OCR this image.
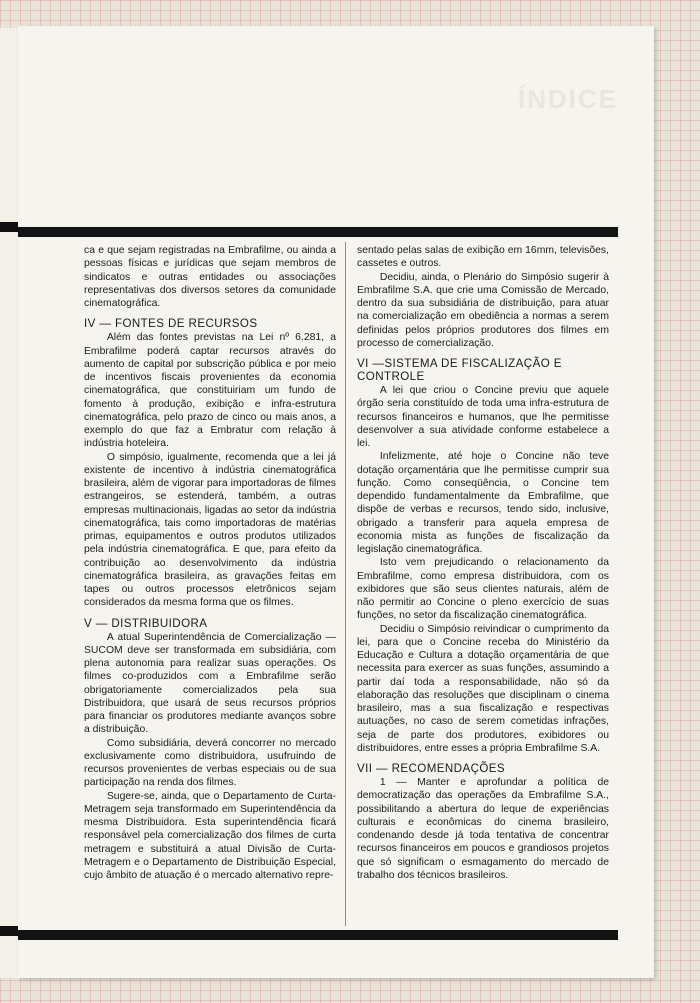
ÍNDICE

ca e que sejam registradas na Embrafilme, ou ainda a pessoas físicas e jurídicas que sejam membros de sindicatos e outras entidades ou associações representativas dos diversos setores da comunidade cinematográfica.

IV — FONTES DE RECURSOS

Além das fontes previstas na Lei nº 6.281, a Embrafilme poderá captar recursos através do aumento de capital por subscrição pública e por meio de incentivos fiscais provenientes da economia cinematográfica, que constituiriam um fundo de fomento à produção, exibição e infra-estrutura cinematográfica, pelo prazo de cinco ou mais anos, a exemplo do que faz a Embratur com relação à indústria hoteleira.

O simpósio, igualmente, recomenda que a lei já existente de incentivo à indústria cinematográfica brasileira, além de vigorar para importadoras de filmes estrangeiros, se estenderá, também, a outras empresas multinacionais, ligadas ao setor da indústria cinematográfica, tais como importadoras de matérias primas, equipamentos e outros produtos utilizados pela indústria cinematográfica. E que, para efeito da contribuição ao desenvolvimento da indústria cinematográfica brasileira, as gravações feitas em tapes ou outros processos eletrônicos sejam considerados da mesma forma que os filmes.

V — DISTRIBUIDORA

A atual Superintendência de Comercialização — SUCOM deve ser transformada em subsidiária, com plena autonomia para realizar suas operações. Os filmes co-produzidos com a Embrafilme serão obrigatoriamente comercializados pela sua Distribuidora, que usará de seus recursos próprios para financiar os produtores mediante avanços sobre a distribuição.

Como subsidiária, deverá concorrer no mercado exclusivamente como distribuidora, usufruindo de recursos provenientes de verbas especiais ou de sua participação na renda dos filmes.

Sugere-se, ainda, que o Departamento de Curta-Metragem seja transformado em Superintendência da mesma Distribuidora. Esta superintendência ficará responsável pela comercialização dos filmes de curta metragem e substituirá a atual Divisão de Curta-Metragem e o Departamento de Distribuição Especial, cujo âmbito de atuação é o mercado alternativo repre-

sentado pelas salas de exibição em 16mm, televisões, cassetes e outros.

Decidiu, ainda, o Plenário do Simpósio sugerir à Embrafilme S.A. que crie uma Comissão de Mercado, dentro da sua subsidiária de distribuição, para atuar na comercialização em obediência a normas a serem definidas pelos próprios produtores dos filmes em processo de comercialização.

VI —SISTEMA DE FISCALIZAÇÃO E CONTROLE

A lei que criou o Concine previu que aquele órgão seria constituído de toda uma infra-estrutura de recursos financeiros e humanos, que lhe permitisse desenvolver a sua atividade conforme estabelece a lei.

Infelizmente, até hoje o Concine não teve dotação orçamentária que lhe permitisse cumprir sua função. Como conseqüência, o Concine tem dependido fundamentalmente da Embrafilme, que dispõe de verbas e recursos, tendo sido, inclusive, obrigado a transferir para aquela empresa de economia mista as funções de fiscalização da legislação cinematográfica.

Isto vem prejudicando o relacionamento da Embrafilme, como empresa distribuidora, com os exibidores que são seus clientes naturais, além de não permitir ao Concine o pleno exercício de suas funções, no setor da fiscalização cinematográfica.

Decidiu o Simpósio reivindicar o cumprimento da lei, para que o Concine receba do Ministério da Educação e Cultura a dotação orçamentária de que necessita para exercer as suas funções, assumindo a partir daí toda a responsabilidade, não só da elaboração das resoluções que disciplinam o cinema brasileiro, mas a sua fiscalização e respectivas autuações, no caso de serem cometidas infrações, seja de parte dos produtores, exibidores ou distribuidores, entre esses a própria Embrafilme S.A.

VII — RECOMENDAÇÕES

1 — Manter e aprofundar a política de democratização das operações da Embrafilme S.A., possibilitando a abertura do leque de experiências culturais e econômicas do cinema brasileiro, condenando desde já toda tentativa de concentrar recursos financeiros em poucos e grandiosos projetos que só significam o esmagamento do mercado de trabalho dos técnicos brasileiros.
